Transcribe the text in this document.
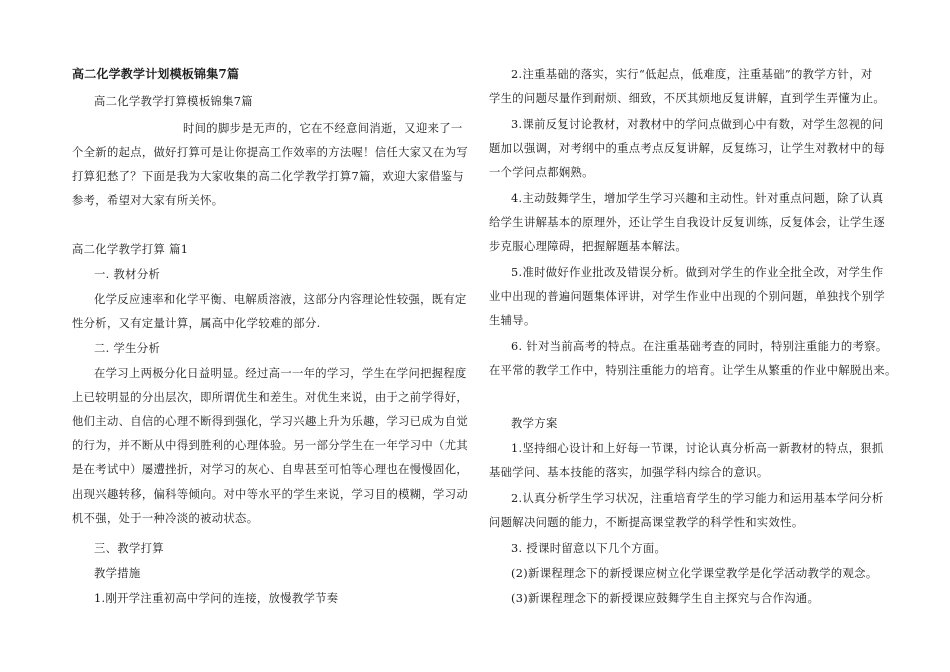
高二化学教学计划模板锦集7篇
高二化学教学打算模板锦集7篇
时间的脚步是无声的，它在不经意间消逝，又迎来了一
个全新的起点，做好打算可是让你提高工作效率的方法喔！信任大家又在为写
打算犯愁了？下面是我为大家收集的高二化学教学打算7篇，欢迎大家借鉴与
参考，希望对大家有所关怀。
高二化学教学打算 篇1
一. 教材分析
化学反应速率和化学平衡、电解质溶液，这部分内容理论性较强，既有定
性分析，又有定量计算，属高中化学较难的部分.
二. 学生分析
在学习上两极分化日益明显。经过高一一年的学习，学生在学问把握程度
上已较明显的分出层次，即所谓优生和差生。对优生来说，由于之前学得好，
他们主动、自信的心理不断得到强化，学习兴趣上升为乐趣，学习已成为自觉
的行为，并不断从中得到胜利的心理体验。另一部分学生在一年学习中（尤其
是在考试中）屡遭挫折，对学习的灰心、自卑甚至可怕等心理也在慢慢固化，
出现兴趣转移，偏科等倾向。对中等水平的学生来说，学习目的模糊，学习动
机不强，处于一种冷淡的被动状态。
三、教学打算
教学措施
1.刚开学注重初高中学问的连接，放慢教学节奏
2.注重基础的落实，实行“低起点，低难度，注重基础”的教学方针，对
学生的问题尽量作到耐烦、细致，不厌其烦地反复讲解，直到学生弄懂为止。
3.课前反复讨论教材，对教材中的学问点做到心中有数，对学生忽视的问
题加以强调，对考纲中的重点考点反复讲解，反复练习，让学生对教材中的每
一个学问点都娴熟。
4.主动鼓舞学生，增加学生学习兴趣和主动性。针对重点问题，除了认真
给学生讲解基本的原理外，还让学生自我设计反复训练，反复体会，让学生逐
步克服心理障碍，把握解题基本解法。
5.准时做好作业批改及错误分析。做到对学生的作业全批全改，对学生作
业中出现的普遍问题集体评讲，对学生作业中出现的个别问题，单独找个别学
生辅导。
6. 针对当前高考的特点。在注重基础考查的同时，特别注重能力的考察。
在平常的教学工作中，特别注重能力的培育。让学生从繁重的作业中解脱出来。
教学方案
1.坚持细心设计和上好每一节课，讨论认真分析高一新教材的特点，狠抓
基础学问、基本技能的落实，加强学科内综合的意识。
2.认真分析学生学习状况，注重培育学生的学习能力和运用基本学问分析
问题解决问题的能力，不断提高课堂教学的科学性和实效性。
3. 授课时留意以下几个方面。
(2)新课程理念下的新授课应树立化学课堂教学是化学活动教学的观念。
(3)新课程理念下的新授课应鼓舞学生自主探究与合作沟通。
